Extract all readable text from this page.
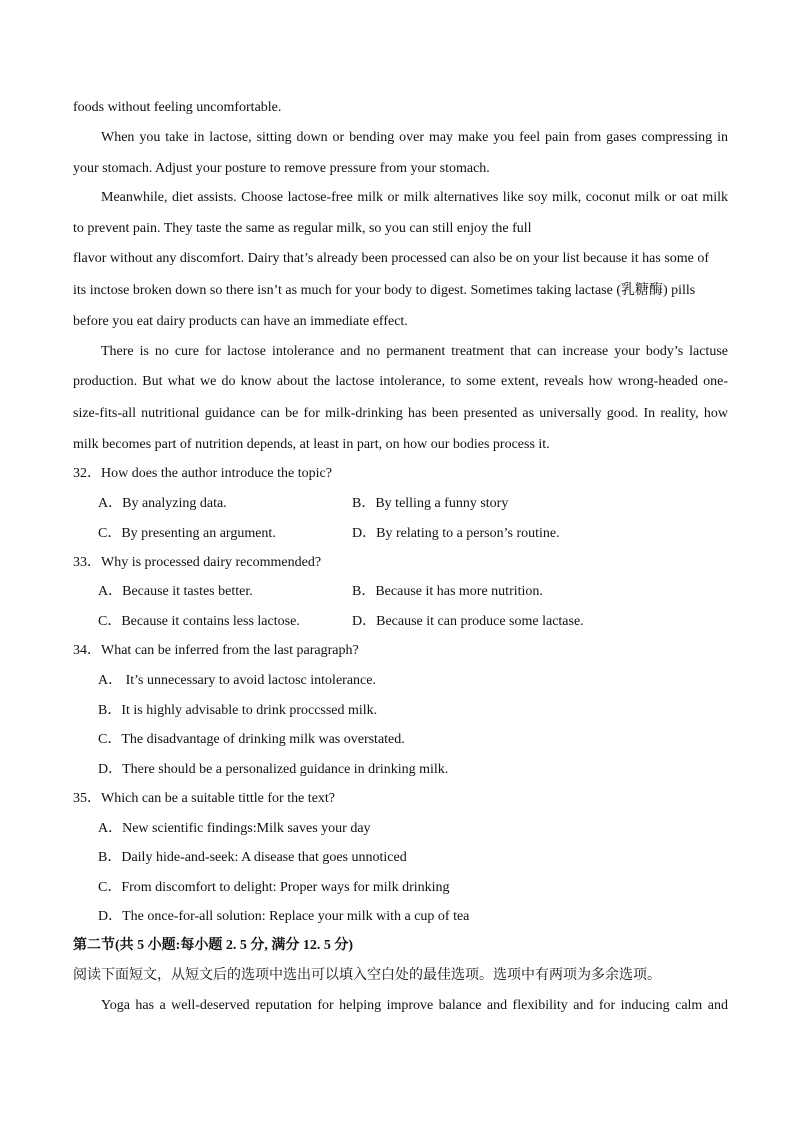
foods without feeling uncomfortable.
When you take in lactose, sitting down or bending over may make you feel pain from gases compressing in
your stomach. Adjust your posture to remove pressure from your stomach.
Meanwhile, diet assists. Choose lactose-free milk or milk alternatives like soy milk, coconut milk or oat milk
to prevent pain. They taste the same as regular milk, so you can still enjoy the full
flavor without any discomfort. Dairy that’s already been processed can also be on your list because it has some of
its inctose broken down so there isn’t as much for your body to digest. Sometimes taking lactase (乳糖酶) pills
before you eat dairy products can have an immediate effect.
There is no cure for lactose intolerance and no permanent treatment that can increase your body’s lactuse
production. But what we do know about the lactose intolerance, to some extent, reveals how wrong-headed one-
size-fits-all nutritional guidance can be for milk-drinking has been presented as universally good. In reality, how
milk becomes part of nutrition depends, at least in part, on how our bodies process it.
32．How does the author introduce the topic?
A．By analyzing data.	B．By telling a funny story
C．By presenting an argument.	D．By relating to a person’s routine.
33．Why is processed dairy recommended?
A．Because it tastes better.	B．Because it has more nutrition.
C．Because it contains less lactose.	D．Because it can produce some lactase.
34．What can be inferred from the last paragraph?
A． It’s unnecessary to avoid lactosc intolerance.
B．It is highly advisable to drink proccssed milk.
C．The disadvantage of drinking milk was overstated.
D．There should be a personalized guidance in drinking milk.
35．Which can be a suitable tittle for the text?
A．New scientific findings:Milk saves your day
B．Daily hide-and-seek: A disease that goes unnoticed
C．From discomfort to delight: Proper ways for milk drinking
D．The once-for-all solution: Replace your milk with a cup of tea
第二节(共 5 小题:每小题 2. 5 分, 满分 12. 5 分)
阅读下面短文，从短文后的选项中选出可以填入空白处的最佳选项。选项中有两项为多余选项。
Yoga has a well-deserved reputation for helping improve balance and flexibility and for inducing calm and
